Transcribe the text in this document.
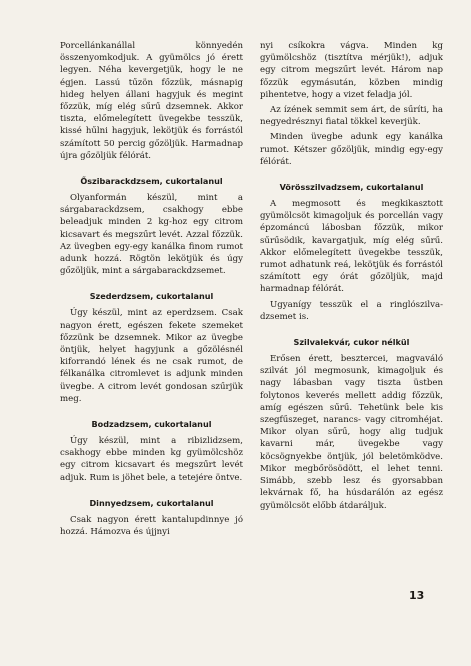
Porcellánkanállal könnyedén összenyomkodjuk. A gyümölcs jó érett legyen. Néha kevergetjük, hogy le ne égjen. Lassú tűzön főzzük, másnapig hideg helyen állani hagyjuk és megint főzzük, míg elég sűrű dzsemnek. Akkor tiszta, előmelegített üvegekbe tesszük, kissé hűlni hagyjuk, lekötjük és forrástól számított 50 percig gőzöljük. Harmadnap újra gőzöljük félórát.

Őszibarackdzsem, cukortalanul

Olyanformán készül, mint a sárgabarackdzsem, csakhogy ebbe beleadjuk minden 2 kg-hoz egy citrom kicsavart és megszűrt levét. Azzal főzzük. Az üvegben egy-egy kanálka finom rumot adunk hozzá. Rögtön lekötjük és úgy gőzöljük, mint a sárgabarackdzsemet.

Szederdzsem, cukortalanul

Úgy készül, mint az eperdzsem. Csak nagyon érett, egészen fekete szemeket főzzünk be dzsemnek. Mikor az üvegbe öntjük, helyet hagyjunk a gőzölésnél kiforrandó lének és ne csak rumot, de félkanálka citromlevet is adjunk minden üvegbe. A citrom levét gondosan szűrjük meg.

Bodzadzsem, cukortalanul

Úgy készül, mint a ribizlidzsem, csakhogy ebbe minden kg gyümölcshöz egy citrom kicsavart és megszűrt levét adjuk. Rum is jöhet bele, a tetejére öntve.

Dinnyedzsem, cukortalanul

Csak nagyon érett kantalupdinnye jó hozzá. Hámozva és újjnyi

nyi csíkokra vágva. Minden kg gyümölcshöz (tisztítva mérjük!), adjuk egy citrom megszűrt levét. Három nap főzzük egymásután, közben mindig pihentetve, hogy a vizet feladja jól.

Az ízének semmit sem árt, de sűríti, ha negyedrésznyi fiatal tökkel keverjük.

Minden üvegbe adunk egy kanálka rumot. Kétszer gőzöljük, mindig egy-egy félórát.

Vörösszilvadzsem, cukortalanul

A megmosott és megkikasztott gyümölcsöt kimagoljuk és porcellán vagy épzománcú lábosban főzzük, mikor sűrűsödik, kavargatjuk, míg elég sűrű. Akkor előmelegített üvegekbe tesszük, rumot adhatunk reá, lekötjük és forrástól számított egy órát gőzöljük, majd harmadnap félórát.

Ugyanígy tesszük el a ringlószilva-dzsemet is.

Szilvalekvár, cukor nélkül

Erősen érett, besztercei, magvaváló szilvát jól megmosunk, kimagoljuk és nagy lábasban vagy tiszta üstben folytonos keverés mellett addig főzzük, amíg egészen sűrű. Tehetünk bele kis szegfűszeget, narancs- vagy citromhéjat. Mikor olyan sűrű, hogy alig tudjuk kavarni már, üvegekbe vagy köcsögnyekbe öntjük, jól beletömködve. Mikor megbőrösödött, el lehet tenni. Simább, szebb lesz és gyorsabban lekvárnak fő, ha húsdarálón az egész gyümölcsöt előbb átdaráljuk.

13
